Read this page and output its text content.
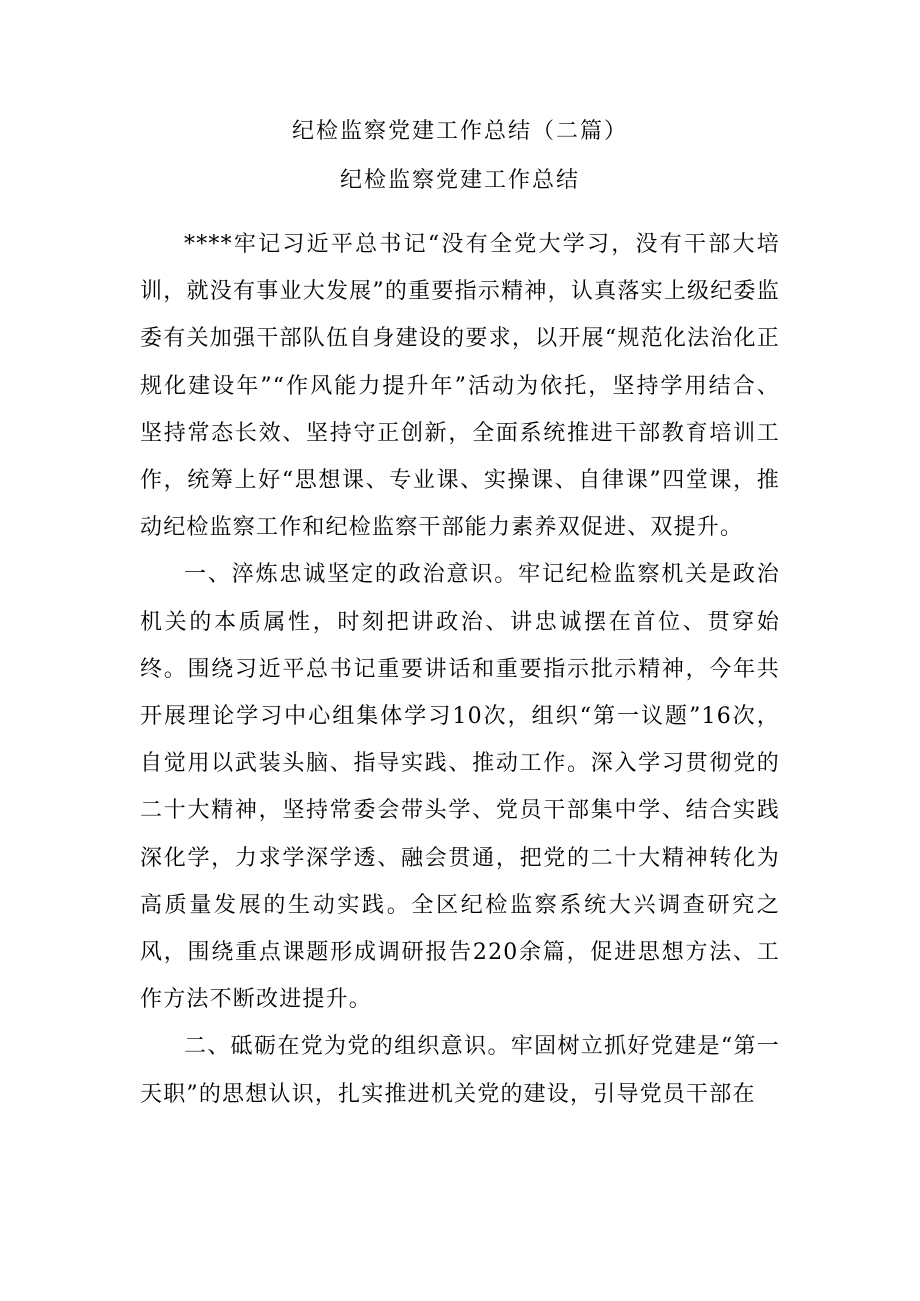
纪检监察党建工作总结（二篇）
纪检监察党建工作总结

****牢记习近平总书记“没有全党大学习，没有干部大培训，就没有事业大发展”的重要指示精神，认真落实上级纪委监委有关加强干部队伍自身建设的要求，以开展“规范化法治化正规化建设年”“作风能力提升年”活动为依托，坚持学用结合、坚持常态长效、坚持守正创新，全面系统推进干部教育培训工作，统筹上好“思想课、专业课、实操课、自律课”四堂课，推动纪检监察工作和纪检监察干部能力素养双促进、双提升。

一、淬炼忠诚坚定的政治意识。牢记纪检监察机关是政治机关的本质属性，时刻把讲政治、讲忠诚摆在首位、贯穿始终。围绕习近平总书记重要讲话和重要指示批示精神，今年共开展理论学习中心组集体学习10次，组织“第一议题”16次，自觉用以武装头脑、指导实践、推动工作。深入学习贯彻党的二十大精神，坚持常委会带头学、党员干部集中学、结合实践深化学，力求学深学透、融会贯通，把党的二十大精神转化为高质量发展的生动实践。全区纪检监察系统大兴调查研究之风，围绕重点课题形成调研报告220余篇，促进思想方法、工作方法不断改进提升。

二、砥砺在党为党的组织意识。牢固树立抓好党建是“第一天职”的思想认识，扎实推进机关党的建设，引导党员干部在
